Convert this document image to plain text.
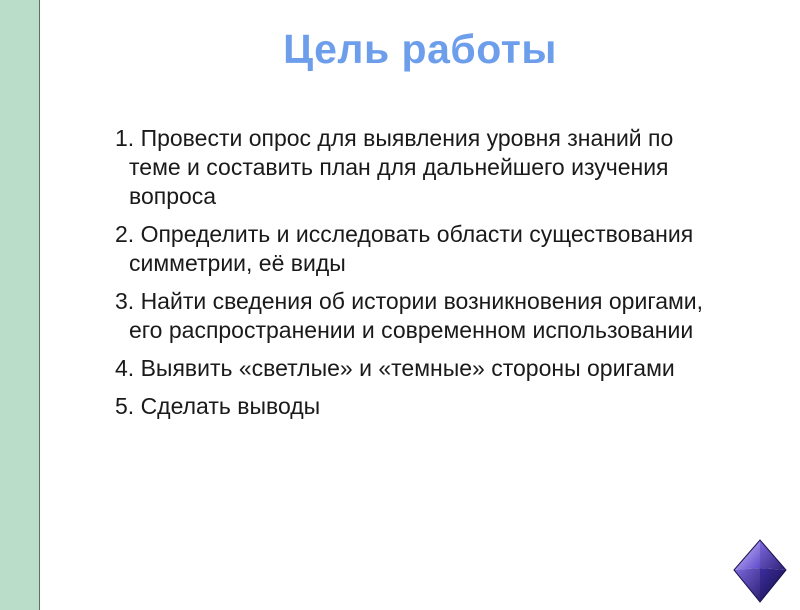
Цель работы
1. Провести опрос для выявления уровня знаний по теме и составить план для дальнейшего изучения вопроса
2. Определить и исследовать области существования симметрии, её виды
3. Найти сведения об истории возникновения оригами, его распространении и современном использовании
4. Выявить «светлые» и «темные» стороны оригами
5. Сделать выводы
